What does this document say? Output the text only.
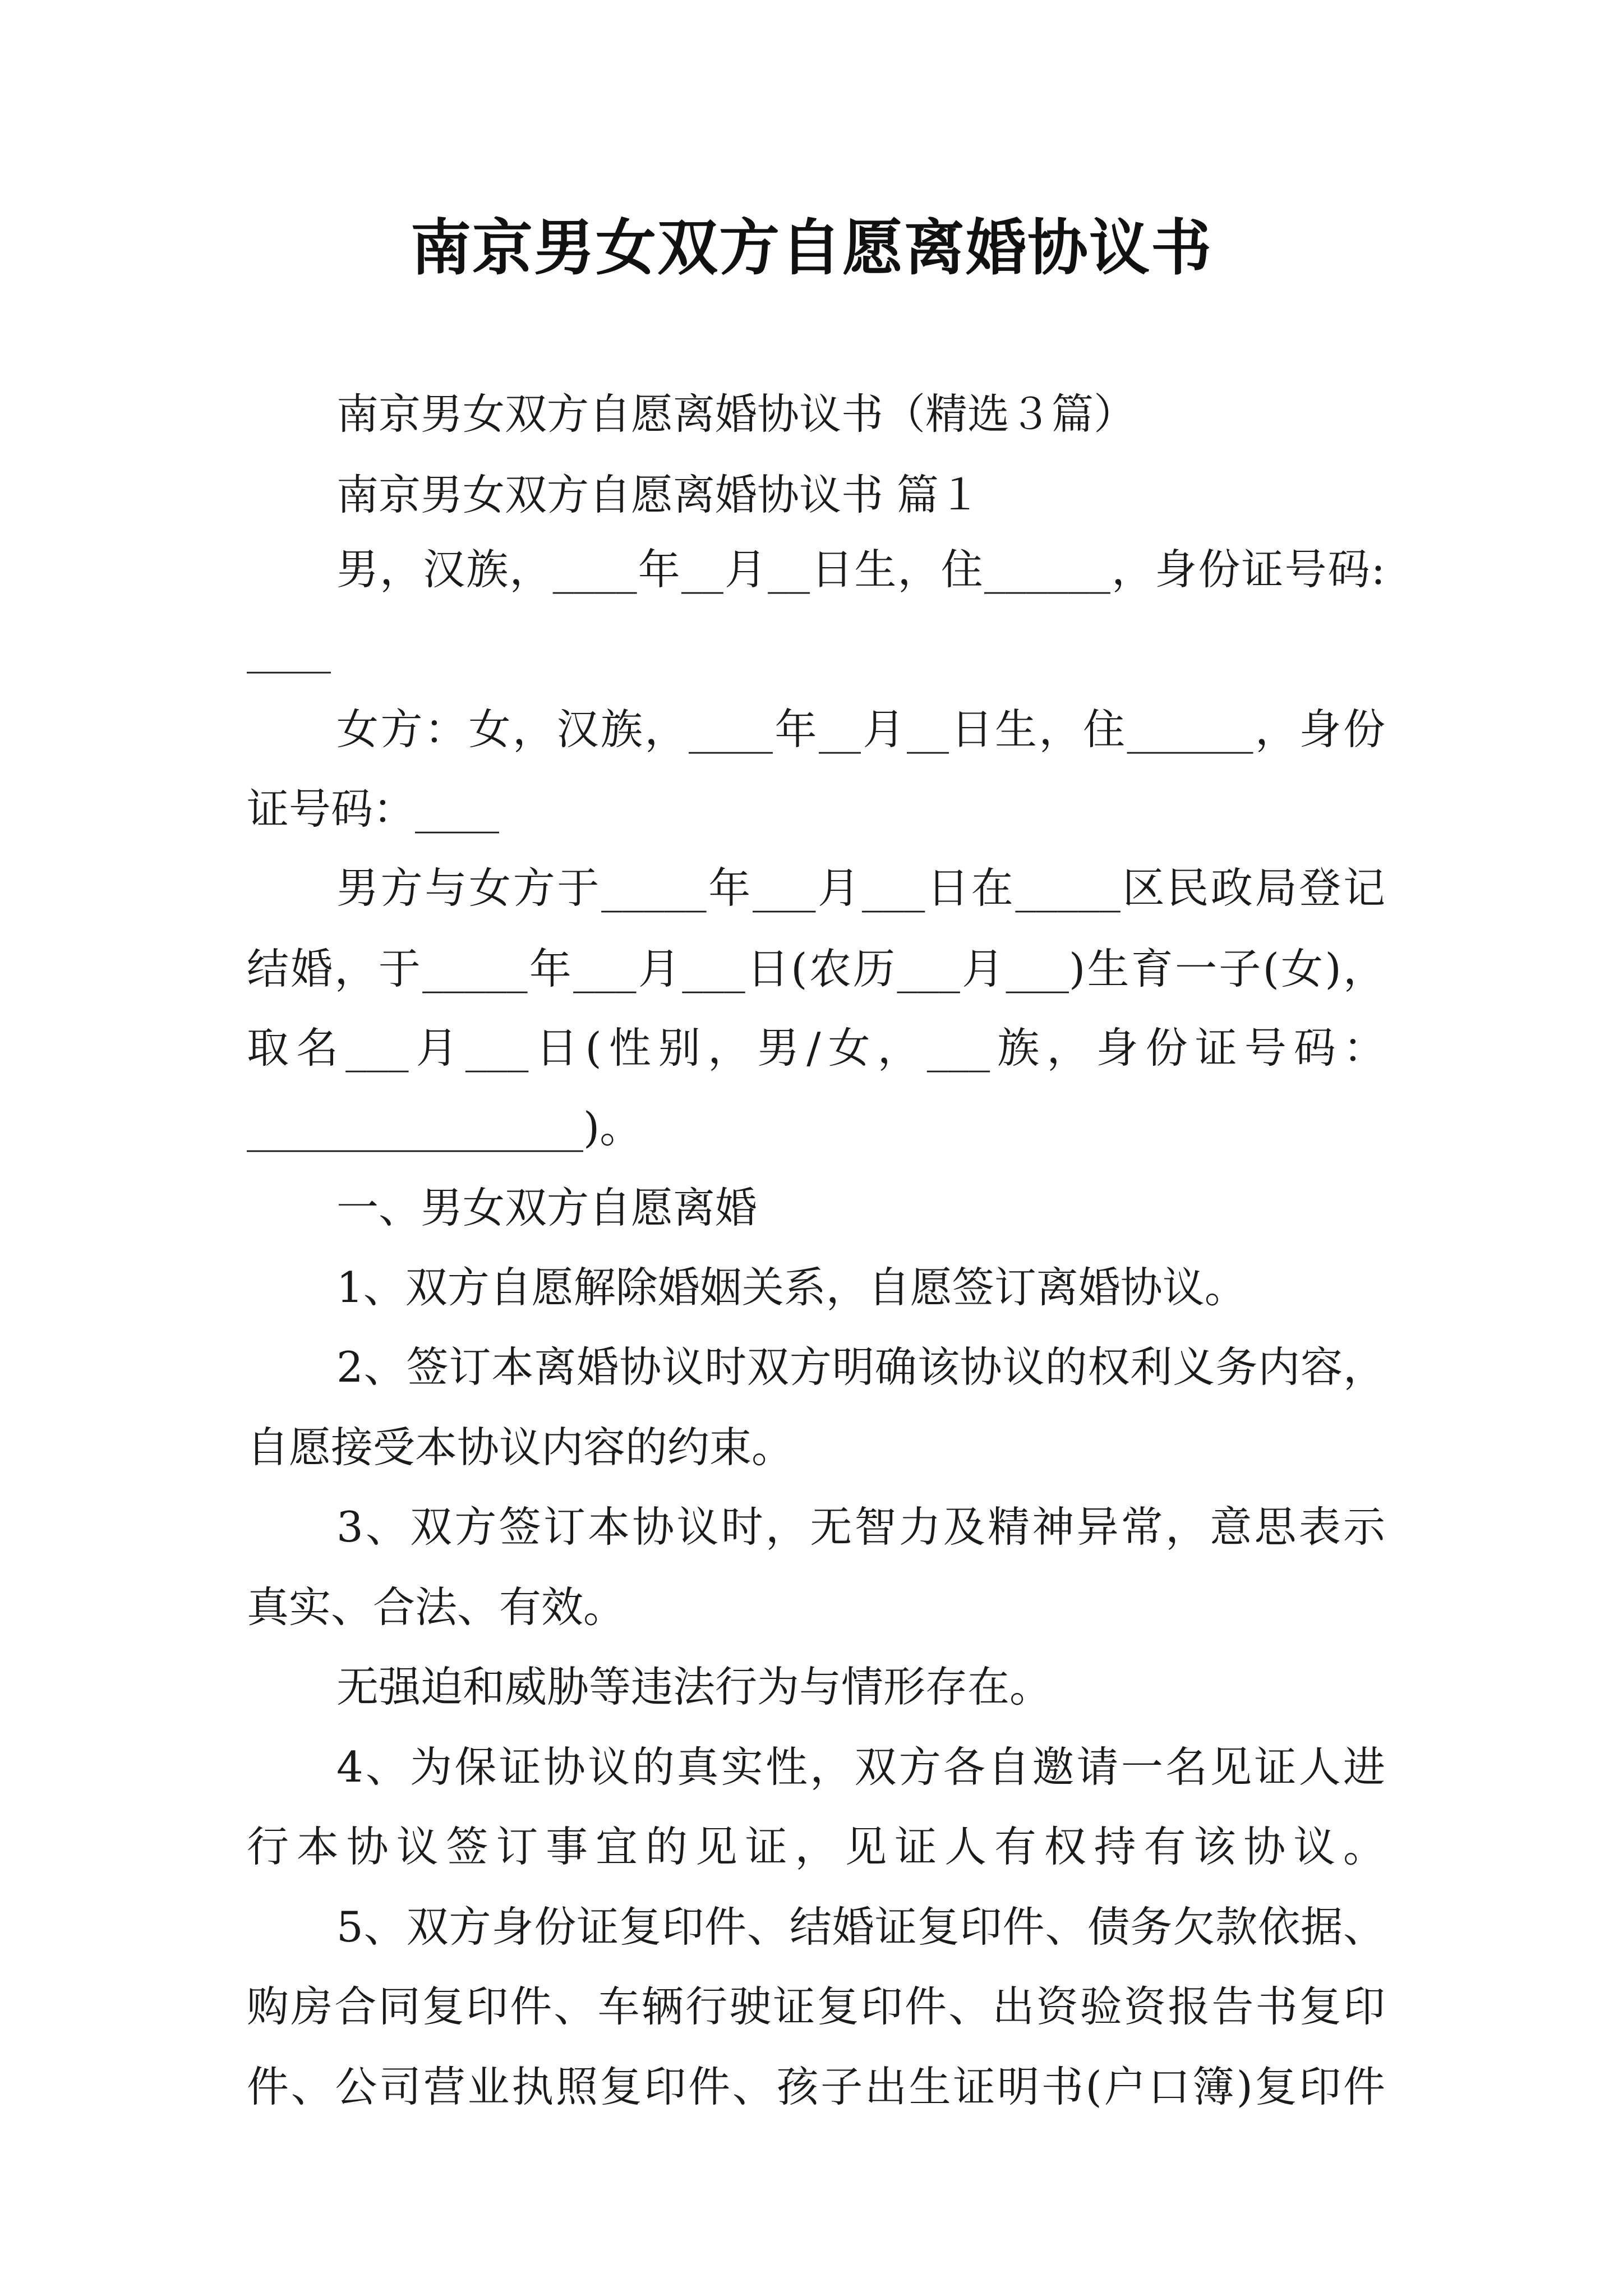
南京男女双方自愿离婚协议书
南京男女双方自愿离婚协议书（精选３篇）
南京男女双方自愿离婚协议书 篇１
男，汉族，____年__月__日生，住______，身份证号码:
____
女方：女，汉族，____年__月__日生，住______，身份
证号码：____
男方与女方于_____年___月___日在_____区民政局登记
结婚，于_____年___月___日(农历___月___)生育一子(女)，
取名___月___日(性别，男/女，___族，身份证号码：
________________)。
一、男女双方自愿离婚
1、双方自愿解除婚姻关系，自愿签订离婚协议。
2、签订本离婚协议时双方明确该协议的权利义务内容，
自愿接受本协议内容的约束。
3、双方签订本协议时，无智力及精神异常，意思表示
真实、合法、有效。
无强迫和威胁等违法行为与情形存在。
4、为保证协议的真实性，双方各自邀请一名见证人进
行本协议签订事宜的见证，见证人有权持有该协议。
5、双方身份证复印件、结婚证复印件、债务欠款依据、
购房合同复印件、车辆行驶证复印件、出资验资报告书复印
件、公司营业执照复印件、孩子出生证明书(户口簿)复印件
